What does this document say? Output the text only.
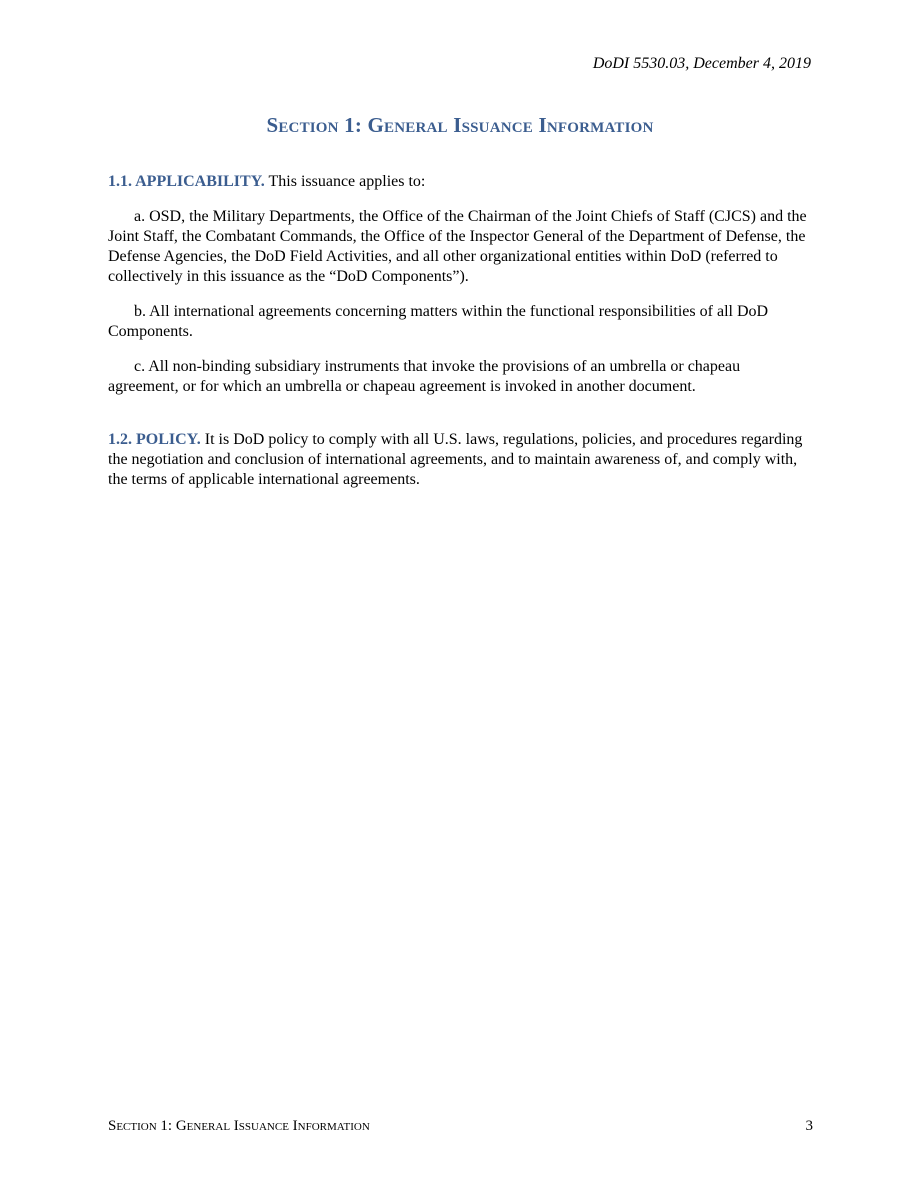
DoDI 5530.03, December 4, 2019
Section 1: General Issuance Information

1.1. APPLICABILITY. This issuance applies to:

a. OSD, the Military Departments, the Office of the Chairman of the Joint Chiefs of Staff (CJCS) and the Joint Staff, the Combatant Commands, the Office of the Inspector General of the Department of Defense, the Defense Agencies, the DoD Field Activities, and all other organizational entities within DoD (referred to collectively in this issuance as the “DoD Components”).

b. All international agreements concerning matters within the functional responsibilities of all DoD Components.

c. All non-binding subsidiary instruments that invoke the provisions of an umbrella or chapeau agreement, or for which an umbrella or chapeau agreement is invoked in another document.

1.2. POLICY. It is DoD policy to comply with all U.S. laws, regulations, policies, and procedures regarding the negotiation and conclusion of international agreements, and to maintain awareness of, and comply with, the terms of applicable international agreements.

Section 1: General Issuance Information	3
